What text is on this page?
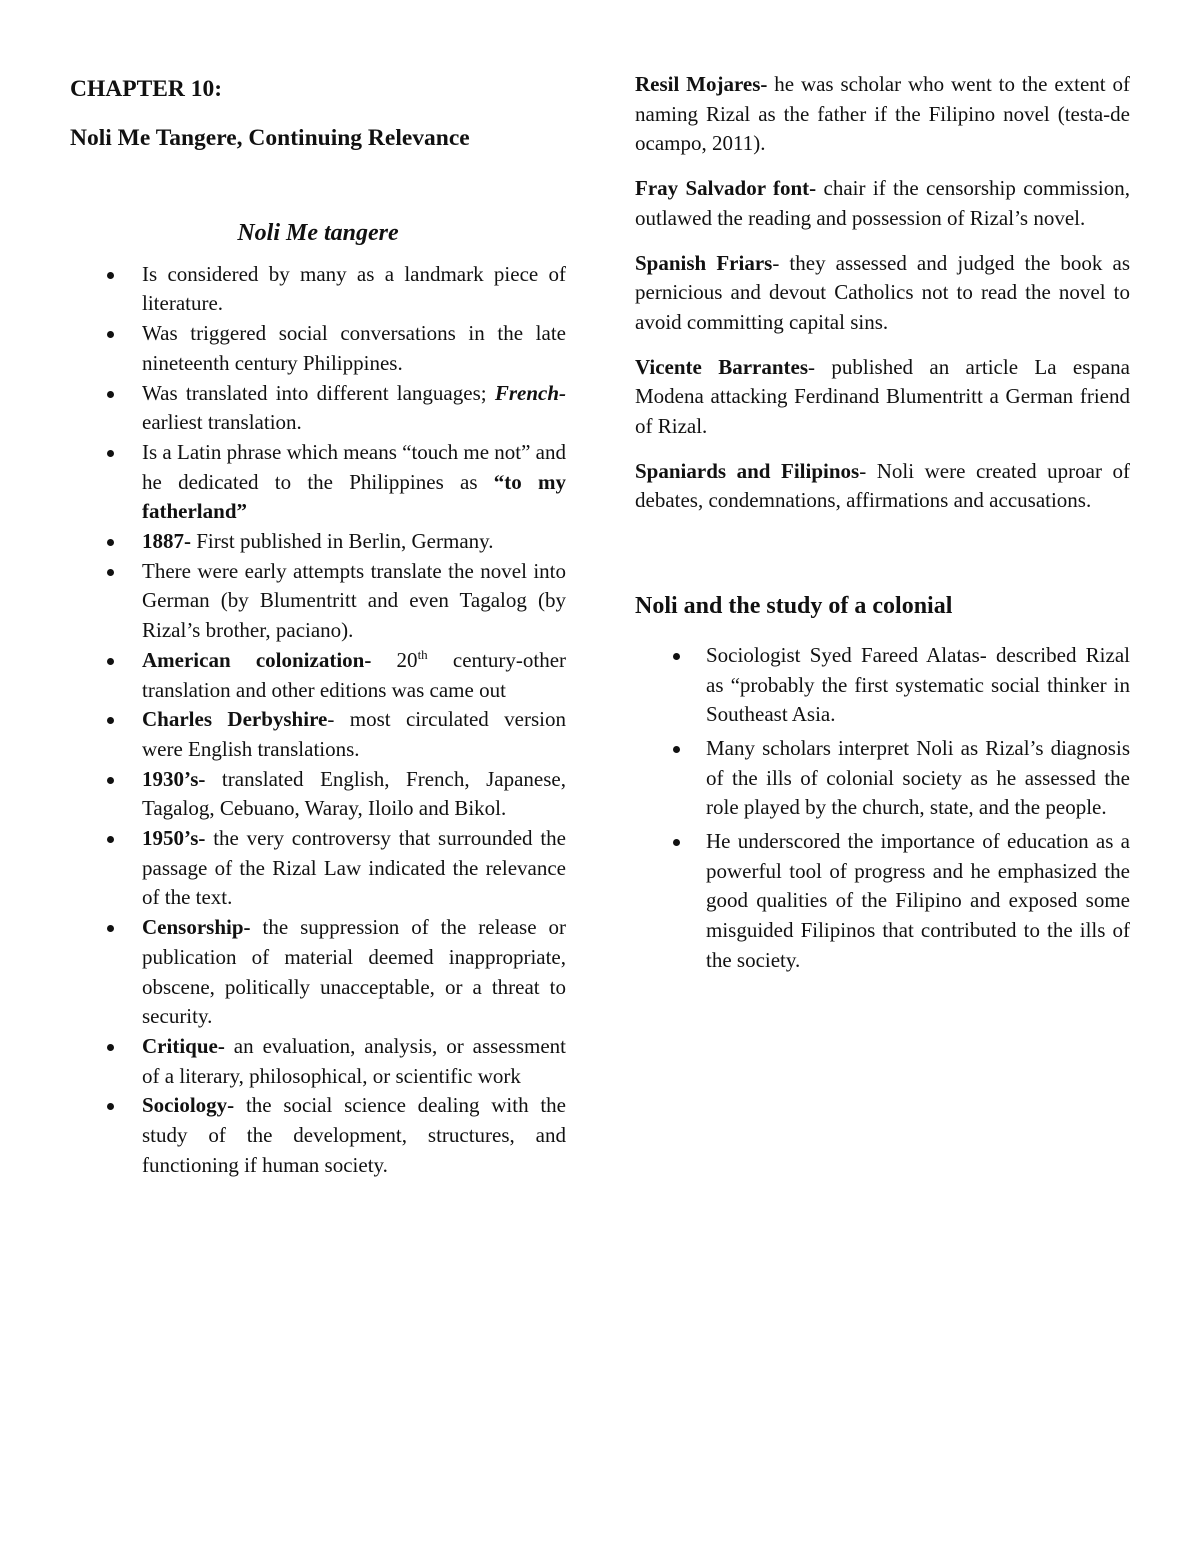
CHAPTER 10:
Noli Me Tangere, Continuing Relevance
Noli Me tangere
Is considered by many as a landmark piece of literature.
Was triggered social conversations in the late nineteenth century Philippines.
Was translated into different languages; French- earliest translation.
Is a Latin phrase which means “touch me not” and he dedicated to the Philippines as “to my fatherland”
1887- First published in Berlin, Germany.
There were early attempts translate the novel into German (by Blumentritt and even Tagalog (by Rizal’s brother, paciano).
American colonization- 20th century-other translation and other editions was came out
Charles Derbyshire- most circulated version were English translations.
1930’s- translated English, French, Japanese, Tagalog, Cebuano, Waray, Iloilo and Bikol.
1950’s- the very controversy that surrounded the passage of the Rizal Law indicated the relevance of the text.
Censorship- the suppression of the release or publication of material deemed inappropriate, obscene, politically unacceptable, or a threat to security.
Critique- an evaluation, analysis, or assessment of a literary, philosophical, or scientific work
Sociology- the social science dealing with the study of the development, structures, and functioning if human society.

Resil Mojares- he was scholar who went to the extent of naming Rizal as the father if the Filipino novel (testa-de ocampo, 2011).

Fray Salvador font- chair if the censorship commission, outlawed the reading and possession of Rizal’s novel.

Spanish Friars- they assessed and judged the book as pernicious and devout Catholics not to read the novel to avoid committing capital sins.

Vicente Barrantes- published an article La espana Modena attacking Ferdinand Blumentritt a German friend of Rizal.

Spaniards and Filipinos- Noli were created uproar of debates, condemnations, affirmations and accusations.

Noli and the study of a colonial
Sociologist Syed Fareed Alatas- described Rizal as “probably the first systematic social thinker in Southeast Asia.
Many scholars interpret Noli as Rizal’s diagnosis of the ills of colonial society as he assessed the role played by the church, state, and the people.
He underscored the importance of education as a powerful tool of progress and he emphasized the good qualities of the Filipino and exposed some misguided Filipinos that contributed to the ills of the society.
